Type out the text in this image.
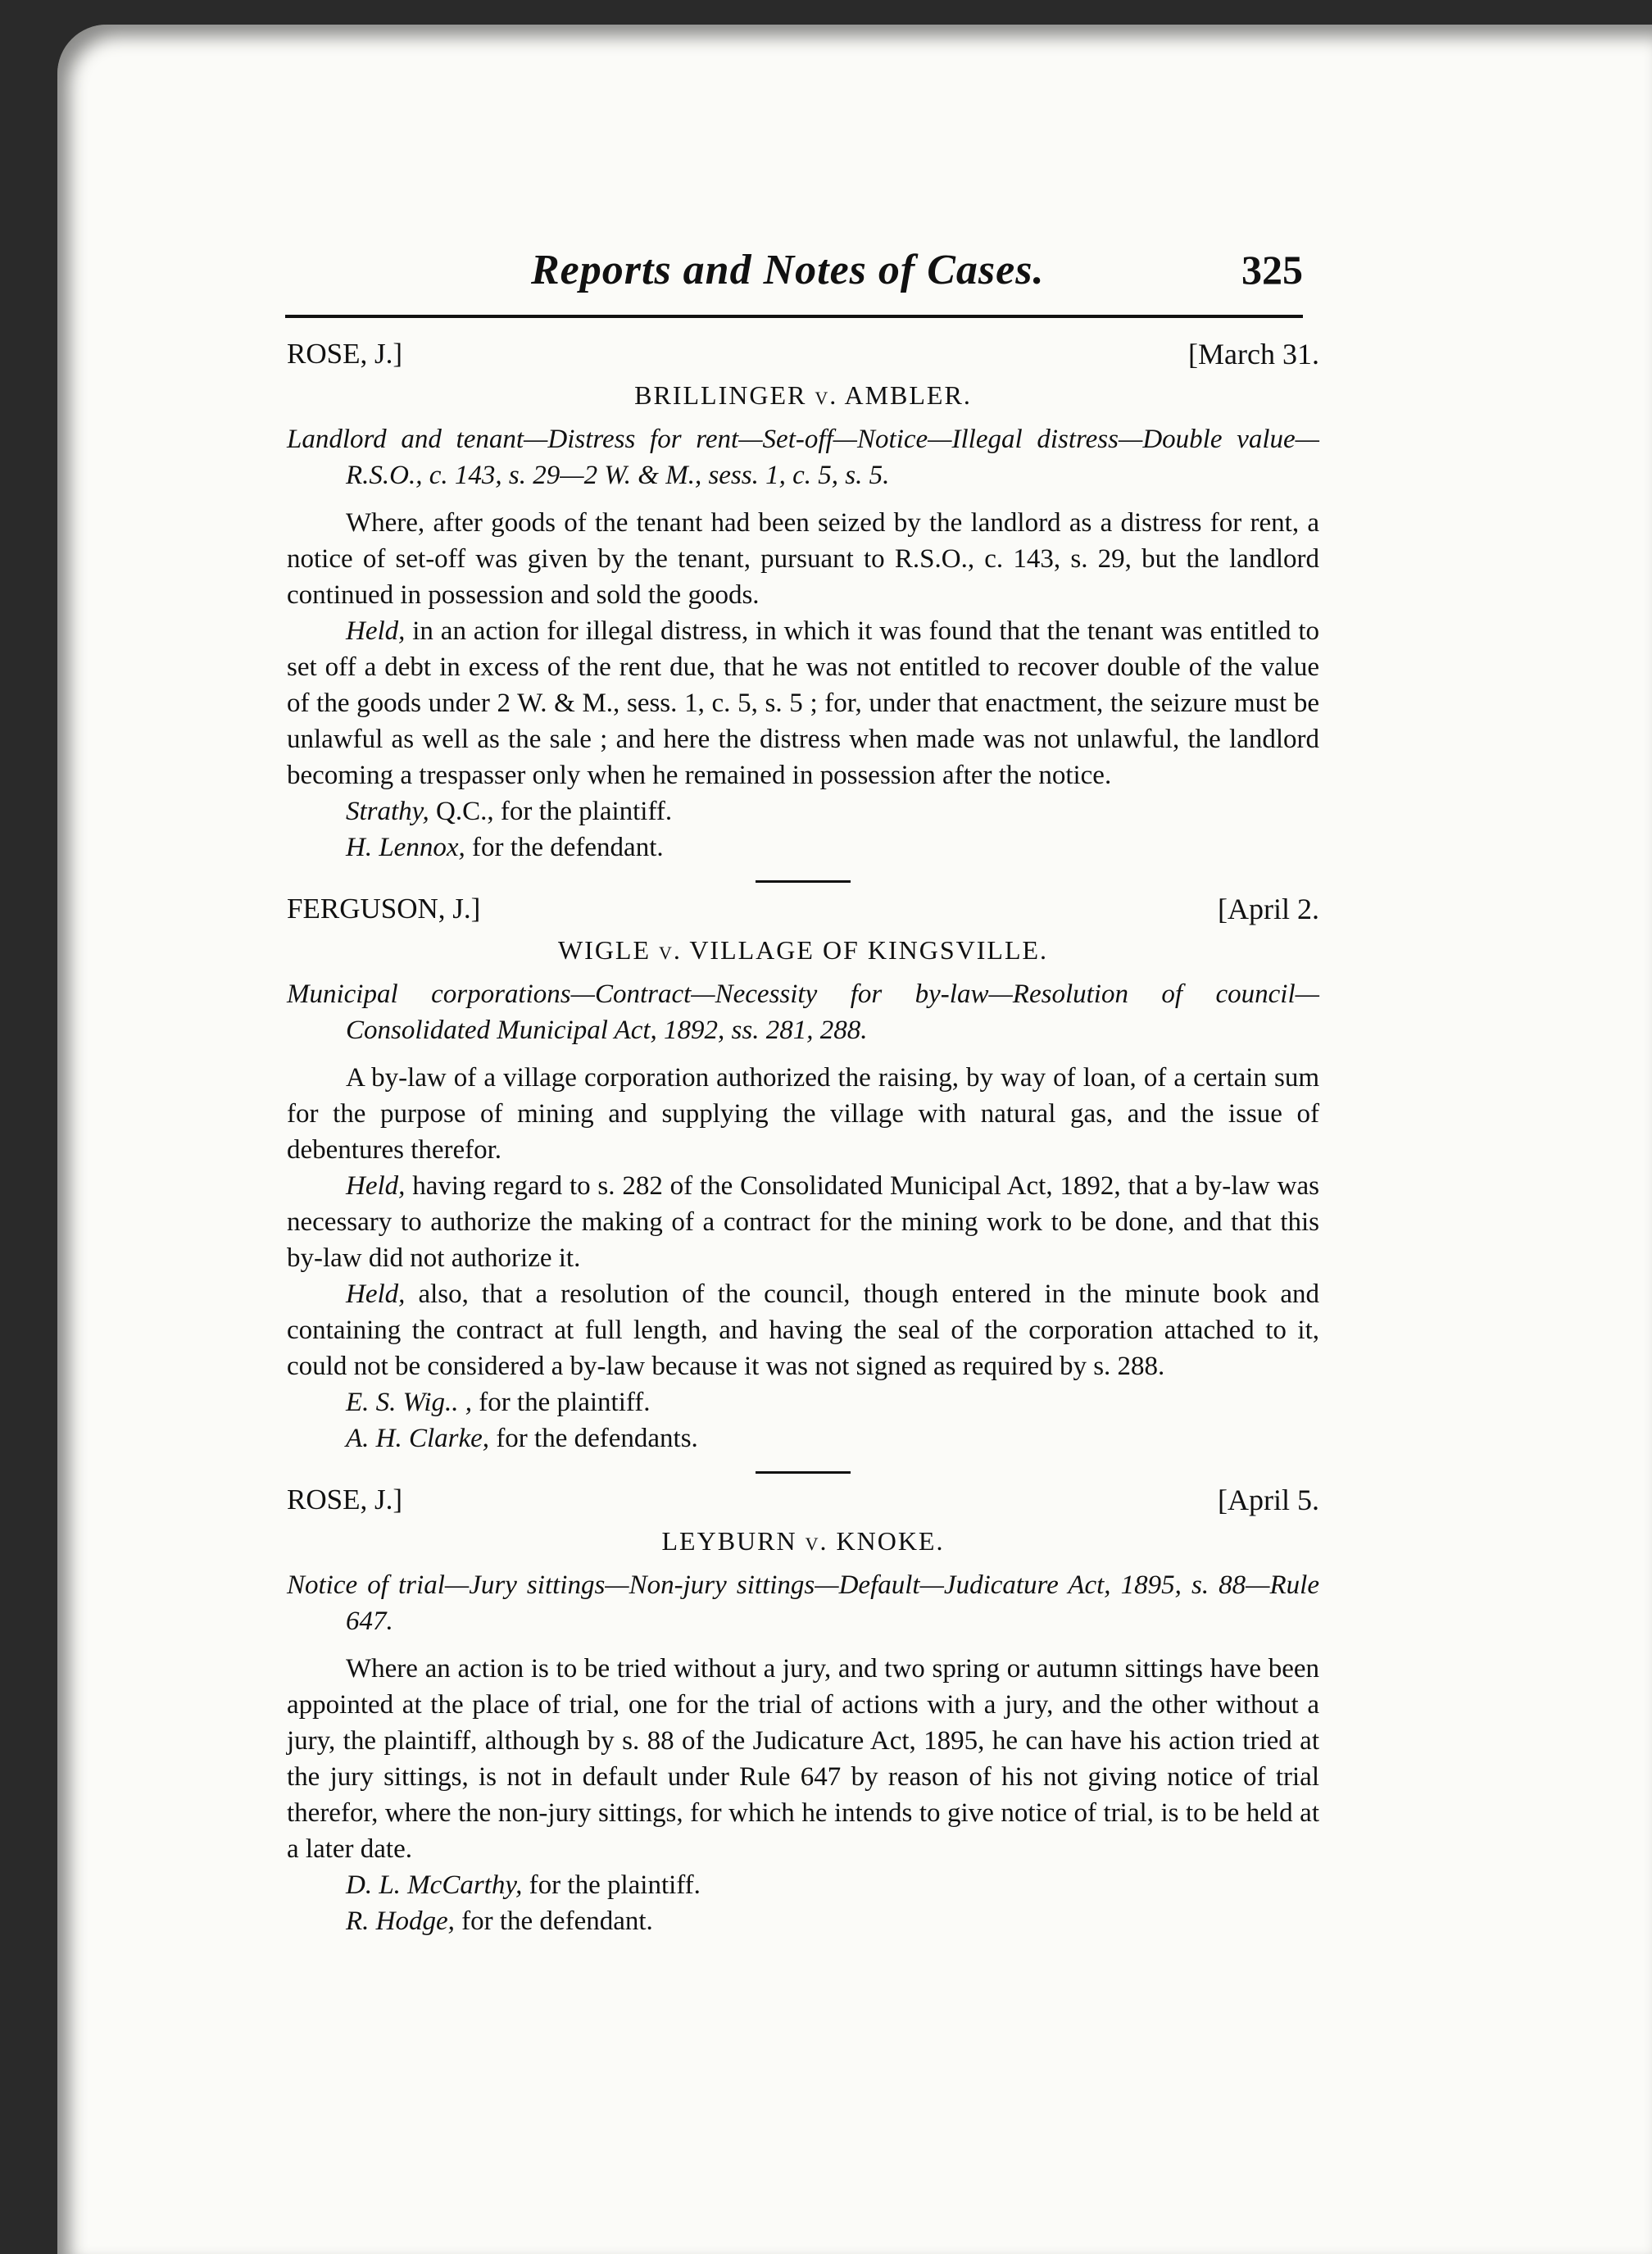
Reports and Notes of Cases.	325
ROSE, J.]	[March 31.
BRILLINGER v. AMBLER.
Landlord and tenant—Distress for rent—Set-off—Notice—Illegal distress—Double value—R.S.O., c. 143, s. 29—2 W. & M., sess. 1, c. 5, s. 5.

Where, after goods of the tenant had been seized by the landlord as a distress for rent, a notice of set-off was given by the tenant, pursuant to R.S.O., c. 143, s. 29, but the landlord continued in possession and sold the goods.

Held, in an action for illegal distress, in which it was found that the tenant was entitled to set off a debt in excess of the rent due, that he was not entitled to recover double of the value of the goods under 2 W. & M., sess. 1, c. 5, s. 5 ; for, under that enactment, the seizure must be unlawful as well as the sale ; and here the distress when made was not unlawful, the landlord becoming a trespasser only when he remained in possession after the notice.

Strathy, Q.C., for the plaintiff.

H. Lennox, for the defendant.

FERGUSON, J.]	[April 2.
WIGLE v. VILLAGE OF KINGSVILLE.
Municipal corporations—Contract—Necessity for by-law—Resolution of council—Consolidated Municipal Act, 1892, ss. 281, 288.

A by-law of a village corporation authorized the raising, by way of loan, of a certain sum for the purpose of mining and supplying the village with natural gas, and the issue of debentures therefor.

Held, having regard to s. 282 of the Consolidated Municipal Act, 1892, that a by-law was necessary to authorize the making of a contract for the mining work to be done, and that this by-law did not authorize it.

Held, also, that a resolution of the council, though entered in the minute book and containing the contract at full length, and having the seal of the corporation attached to it, could not be considered a by-law because it was not signed as required by s. 288.

E. S. Wig.. , for the plaintiff.

A. H. Clarke, for the defendants.

ROSE, J.]	[April 5.
LEYBURN v. KNOKE.
Notice of trial—Jury sittings—Non-jury sittings—Default—Judicature Act, 1895, s. 88—Rule 647.

Where an action is to be tried without a jury, and two spring or autumn sittings have been appointed at the place of trial, one for the trial of actions with a jury, and the other without a jury, the plaintiff, although by s. 88 of the Judicature Act, 1895, he can have his action tried at the jury sittings, is not in default under Rule 647 by reason of his not giving notice of trial therefor, where the non-jury sittings, for which he intends to give notice of trial, is to be held at a later date.

D. L. McCarthy, for the plaintiff.

R. Hodge, for the defendant.
